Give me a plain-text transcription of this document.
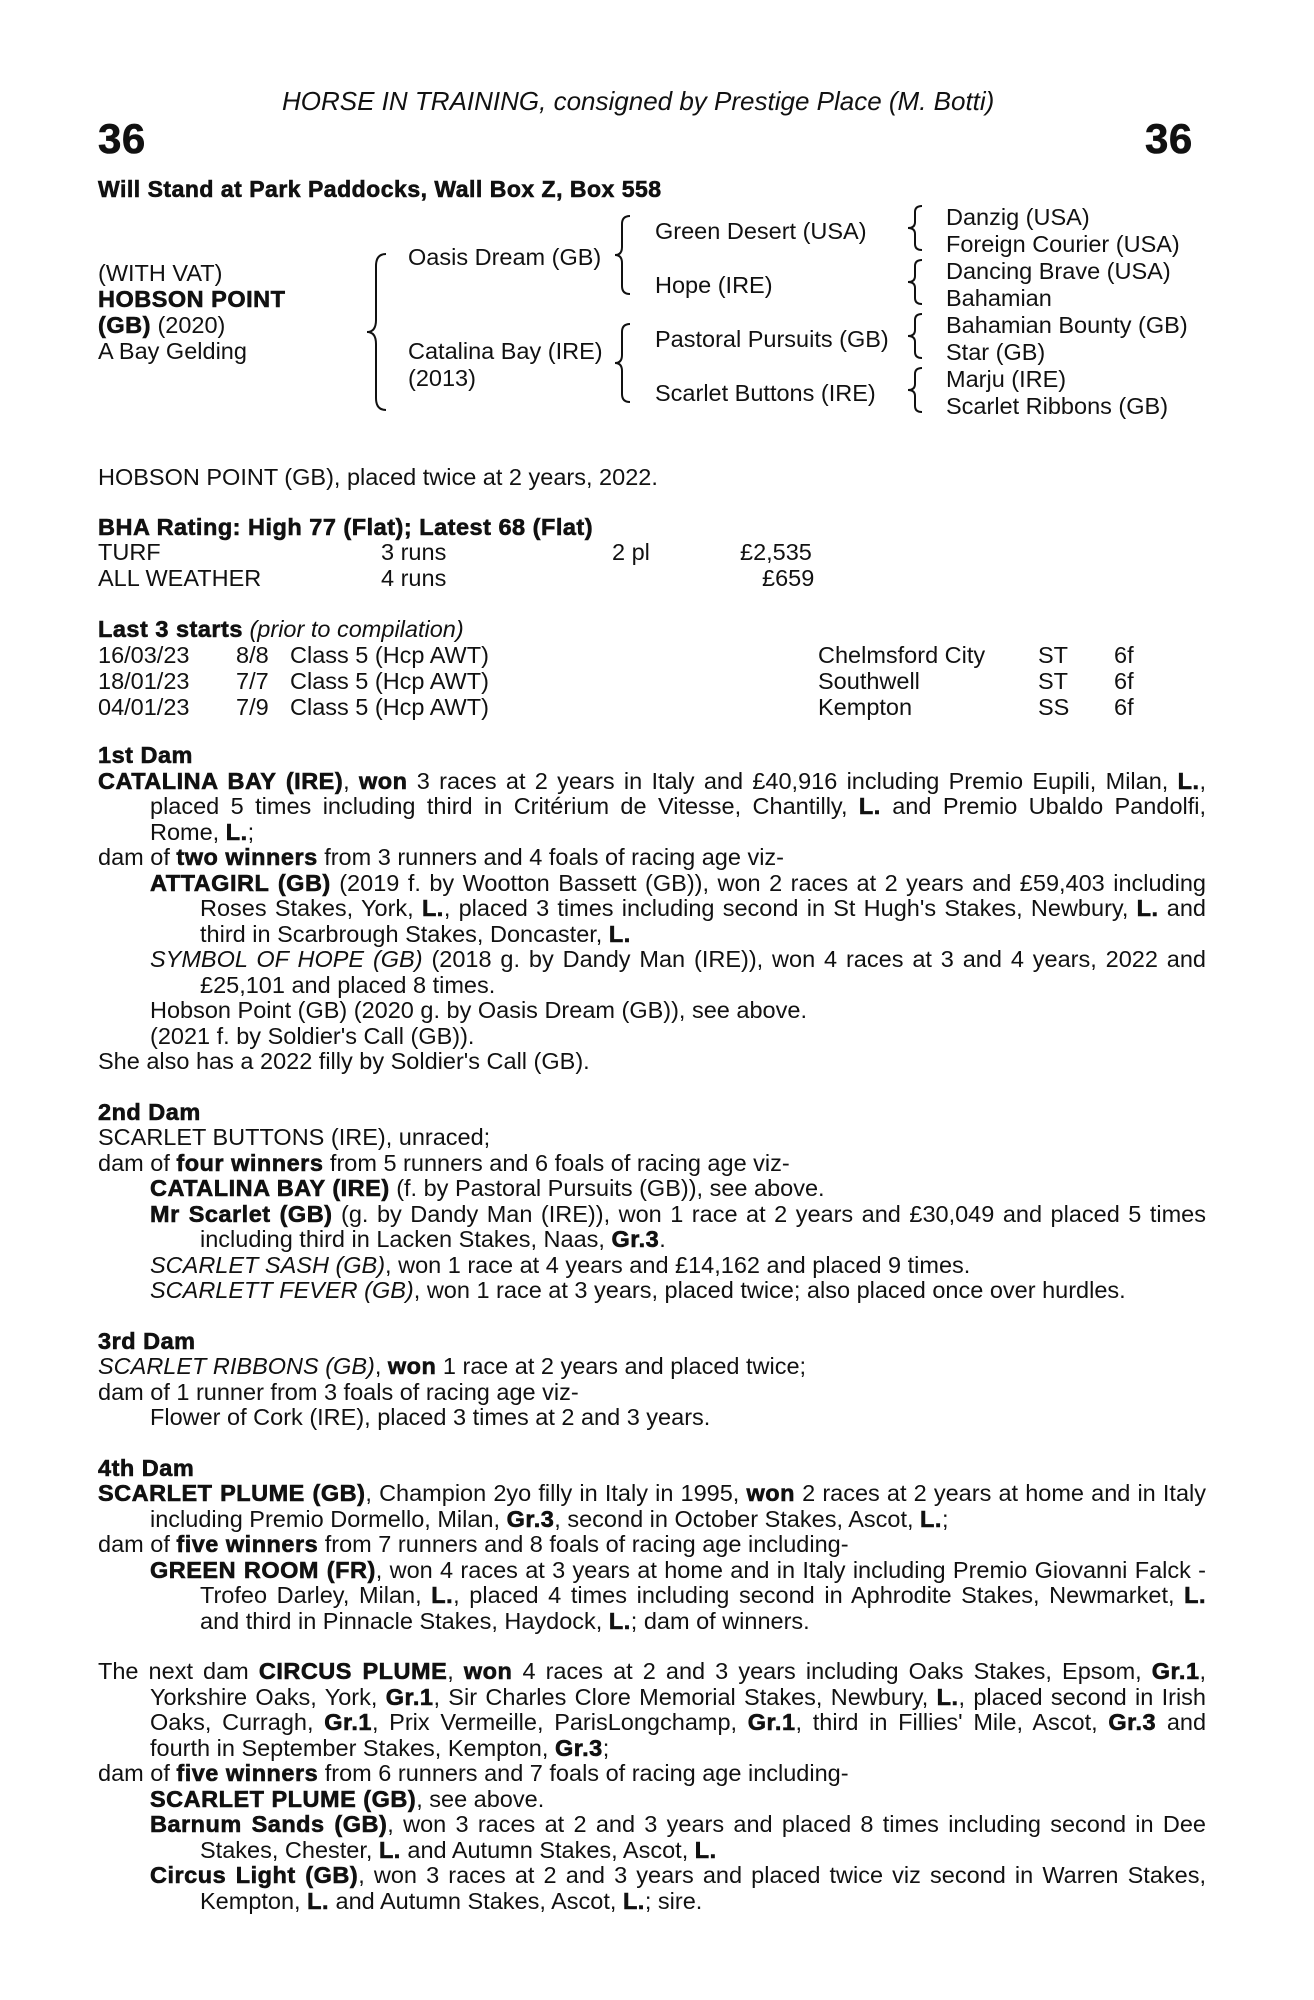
HORSE IN TRAINING, consigned by Prestige Place (M. Botti)
36	36
Will Stand at Park Paddocks, Wall Box Z, Box 558
(WITH VAT)
HOBSON POINT
(GB) (2020)
A Bay Gelding
Oasis Dream (GB)
Catalina Bay (IRE)
(2013)
Green Desert (USA)
Hope (IRE)
Pastoral Pursuits (GB)
Scarlet Buttons (IRE)
Danzig (USA)
Foreign Courier (USA)
Dancing Brave (USA)
Bahamian
Bahamian Bounty (GB)
Star (GB)
Marju (IRE)
Scarlet Ribbons (GB)
HOBSON POINT (GB), placed twice at 2 years, 2022.
BHA Rating: High 77 (Flat); Latest 68 (Flat)
TURF	3 runs	2 pl	£2,535
ALL WEATHER	4 runs	£659
Last 3 starts (prior to compilation)
16/03/23 8/8 Class 5 (Hcp AWT)	Chelmsford City ST 6f
18/01/23 7/7 Class 5 (Hcp AWT)	Southwell	ST 6f
04/01/23 7/9 Class 5 (Hcp AWT)	Kempton	SS 6f

1st Dam

CATALINA BAY (IRE), won 3 races at 2 years in Italy and £40,916 including Premio Eupili, Milan, L., placed 5 times including third in Critérium de Vitesse, Chantilly, L. and Premio Ubaldo Pandolfi, Rome, L.;

dam of two winners from 3 runners and 4 foals of racing age viz-

ATTAGIRL (GB) (2019 f. by Wootton Bassett (GB)), won 2 races at 2 years and £59,403 including Roses Stakes, York, L., placed 3 times including second in St Hugh's Stakes, Newbury, L. and third in Scarbrough Stakes, Doncaster, L.

SYMBOL OF HOPE (GB) (2018 g. by Dandy Man (IRE)), won 4 races at 3 and 4 years, 2022 and £25,101 and placed 8 times.

Hobson Point (GB) (2020 g. by Oasis Dream (GB)), see above.

(2021 f. by Soldier's Call (GB)).

She also has a 2022 filly by Soldier's Call (GB).

2nd Dam

SCARLET BUTTONS (IRE), unraced;

dam of four winners from 5 runners and 6 foals of racing age viz-

CATALINA BAY (IRE) (f. by Pastoral Pursuits (GB)), see above.

Mr Scarlet (GB) (g. by Dandy Man (IRE)), won 1 race at 2 years and £30,049 and placed 5 times including third in Lacken Stakes, Naas, Gr.3.

SCARLET SASH (GB), won 1 race at 4 years and £14,162 and placed 9 times.

SCARLETT FEVER (GB), won 1 race at 3 years, placed twice; also placed once over hurdles.

3rd Dam

SCARLET RIBBONS (GB), won 1 race at 2 years and placed twice;

dam of 1 runner from 3 foals of racing age viz-

Flower of Cork (IRE), placed 3 times at 2 and 3 years.

4th Dam

SCARLET PLUME (GB), Champion 2yo filly in Italy in 1995, won 2 races at 2 years at home and in Italy including Premio Dormello, Milan, Gr.3, second in October Stakes, Ascot, L.;

dam of five winners from 7 runners and 8 foals of racing age including-

GREEN ROOM (FR), won 4 races at 3 years at home and in Italy including Premio Giovanni Falck - Trofeo Darley, Milan, L., placed 4 times including second in Aphrodite Stakes, Newmarket, L. and third in Pinnacle Stakes, Haydock, L.; dam of winners.

The next dam CIRCUS PLUME, won 4 races at 2 and 3 years including Oaks Stakes, Epsom, Gr.1, Yorkshire Oaks, York, Gr.1, Sir Charles Clore Memorial Stakes, Newbury, L., placed second in Irish Oaks, Curragh, Gr.1, Prix Vermeille, ParisLongchamp, Gr.1, third in Fillies' Mile, Ascot, Gr.3 and fourth in September Stakes, Kempton, Gr.3;

dam of five winners from 6 runners and 7 foals of racing age including-

SCARLET PLUME (GB), see above.

Barnum Sands (GB), won 3 races at 2 and 3 years and placed 8 times including second in Dee Stakes, Chester, L. and Autumn Stakes, Ascot, L.

Circus Light (GB), won 3 races at 2 and 3 years and placed twice viz second in Warren Stakes, Kempton, L. and Autumn Stakes, Ascot, L.; sire.
